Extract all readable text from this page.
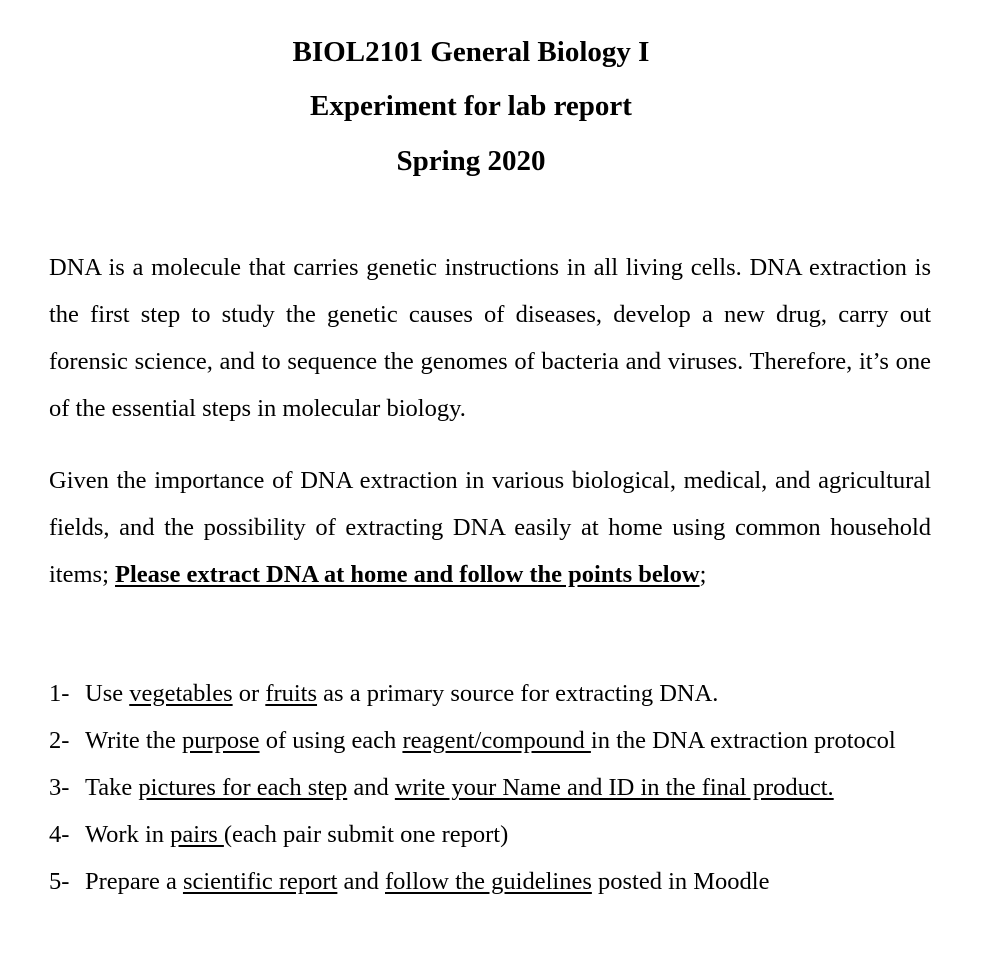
BIOL2101 General Biology I
Experiment for lab report
Spring 2020

DNA is a molecule that carries genetic instructions in all living cells. DNA extraction is the first step to study the genetic causes of diseases, develop a new drug, carry out forensic science, and to sequence the genomes of bacteria and viruses. Therefore, it’s one of the essential steps in molecular biology.

Given the importance of DNA extraction in various biological, medical, and agricultural fields, and the possibility of extracting DNA easily at home using common household items; Please extract DNA at home and follow the points below;

1- Use vegetables or fruits as a primary source for extracting DNA.
2- Write the purpose of using each reagent/compound in the DNA extraction protocol
3- Take pictures for each step and write your Name and ID in the final product.
4- Work in pairs (each pair submit one report)
5- Prepare a scientific report and follow the guidelines posted in Moodle
